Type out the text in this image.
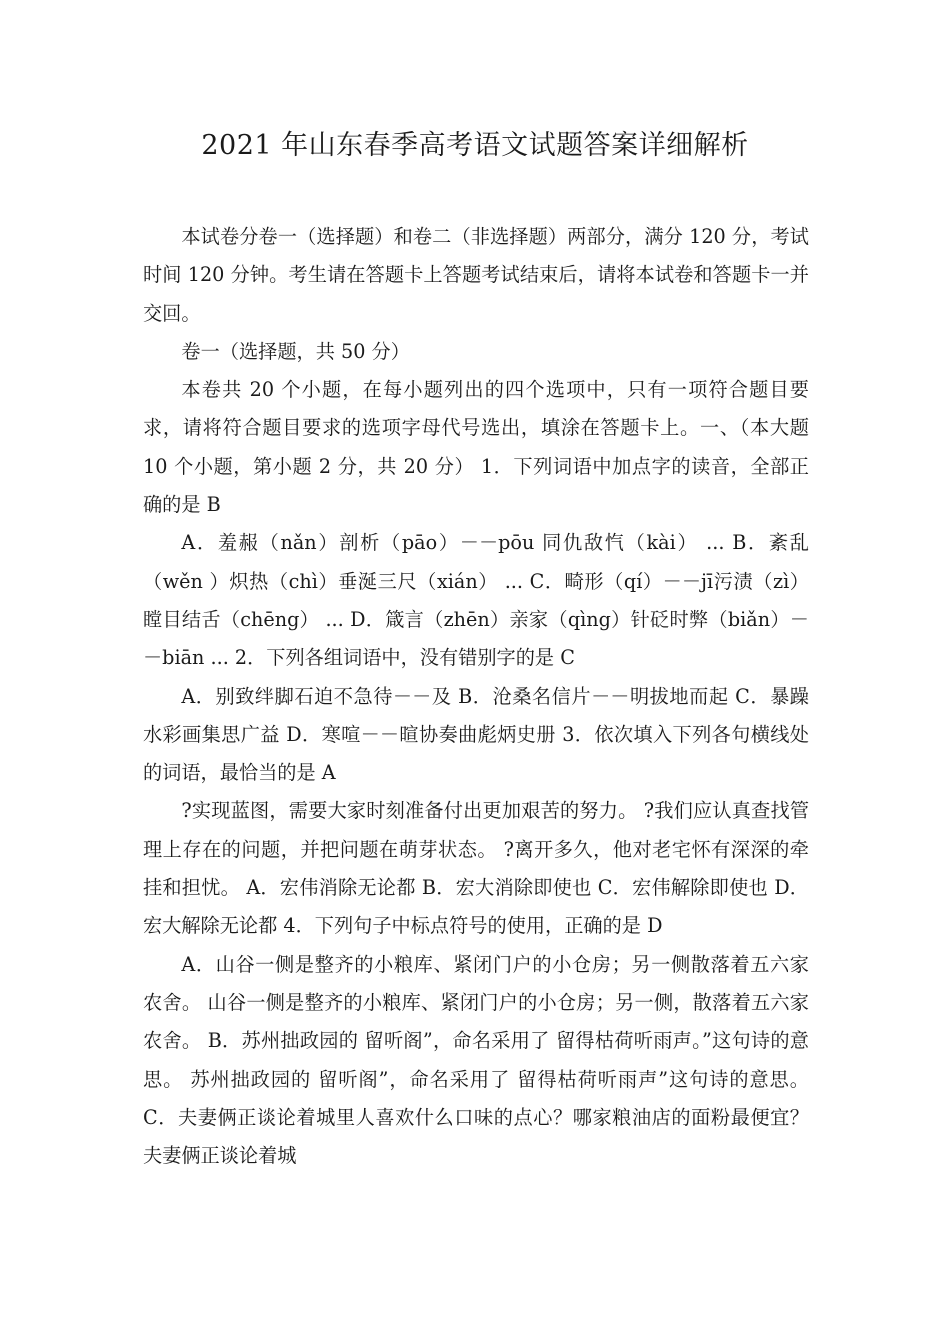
2021 年山东春季高考语文试题答案详细解析

本试卷分卷一（选择题）和卷二（非选择题）两部分，满分 120 分，考试时间 120 分钟。考生请在答题卡上答题考试结束后，请将本试卷和答题卡一并交回。

卷一（选择题，共 50 分）

本卷共 20 个小题，在每小题列出的四个选项中，只有一项符合题目要求，请将符合题目要求的选项字母代号选出，填涂在答题卡上。一、（本大题 10 个小题，第小题 2 分，共 20 分） 1．下列词语中加点字的读音，全部正确的是 B

A．羞赧（nǎn）剖析（pāo）－－pōu 同仇敌忾（kài） ... B．紊乱（wěn ）炽热（chì）垂涎三尺（xián） ... C．畸形（qí）－－jī污渍（zì）瞠目结舌（chēng） ... D．箴言（zhēn）亲家（qìng）针砭时弊（biǎn）－－biān ... 2．下列各组词语中，没有错别字的是 C

A．别致绊脚石迫不急待－－及 B．沧桑名信片－－明拔地而起 C．暴躁水彩画集思广益 D．寒喧－－暄协奏曲彪炳史册 3．依次填入下列各句横线处的词语，最恰当的是 A

?实现蓝图，需要大家时刻准备付出更加艰苦的努力。 ?我们应认真查找管理上存在的问题，并把问题在萌芽状态。 ?离开多久，他对老宅怀有深深的牵挂和担忧。 A．宏伟消除无论都 B．宏大消除即使也 C．宏伟解除即使也 D．宏大解除无论都 4．下列句子中标点符号的使用，正确的是 D

A．山谷一侧是整齐的小粮库、紧闭门户的小仓房；另一侧散落着五六家农舍。 山谷一侧是整齐的小粮库、紧闭门户的小仓房；另一侧，散落着五六家农舍。 B．苏州拙政园的 留听阁”，命名采用了 留得枯荷听雨声。”这句诗的意思。 苏州拙政园的 留听阁”，命名采用了 留得枯荷听雨声”这句诗的意思。 C．夫妻俩正谈论着城里人喜欢什么口味的点心？哪家粮油店的面粉最便宜？ 夫妻俩正谈论着城
